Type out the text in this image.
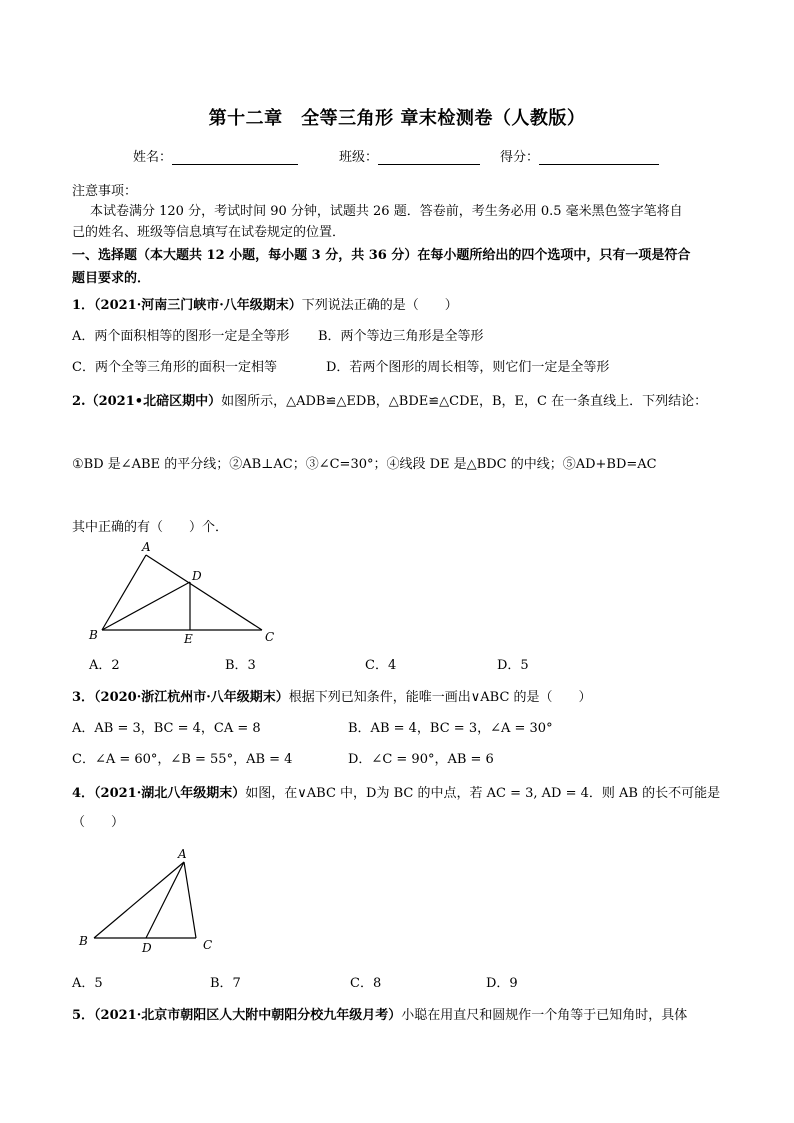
第十二章　全等三角形 章末检测卷（人教版）
姓名：	班级：	得分：
注意事项：
本试卷满分 120 分，考试时间 90 分钟，试题共 26 题．答卷前，考生务必用 0.5 毫米黑色签字笔将自
己的姓名、班级等信息填写在试卷规定的位置．
一、选择题（本大题共 12 小题，每小题 3 分，共 36 分）在每小题所给出的四个选项中，只有一项是符合
题目要求的．
1．（2021·河南三门峡市·八年级期末）下列说法正确的是（　　）
A．两个面积相等的图形一定是全等形 B．两个等边三角形是全等形
C．两个全等三角形的面积一定相等	D．若两个图形的周长相等，则它们一定是全等形
2.（2021•北碚区期中）如图所示，△ADB≌△EDB，△BDE≌△CDE，B，E，C 在一条直线上．下列结论：
①BD 是∠ABE 的平分线；②AB⊥AC；③∠C=30°；④线段 DE 是△BDC 的中线；⑤AD+BD=AC
其中正确的有（　　）个．
A
B	C
D
E
A．2	B．3	C．4	D．5
3．（2020·浙江杭州市·八年级期末）根据下列已知条件，能唯一画出∨ABC 的是（　　）
A．AB = 3，BC = 4，CA = 8	B．AB = 4，BC = 3，∠A = 30°
C．∠A = 60°，∠B = 55°，AB = 4	D．∠C = 90°，AB = 6
4．（2021·湖北八年级期末）如图，在∨ABC 中，D为 BC 的中点，若 AC = 3, AD = 4．则 AB 的长不可能是
（　　）
A
B	C
D
A．5	B．7	C．8	D．9
5．（2021·北京市朝阳区人大附中朝阳分校九年级月考）小聪在用直尺和圆规作一个角等于已知角时，具体
